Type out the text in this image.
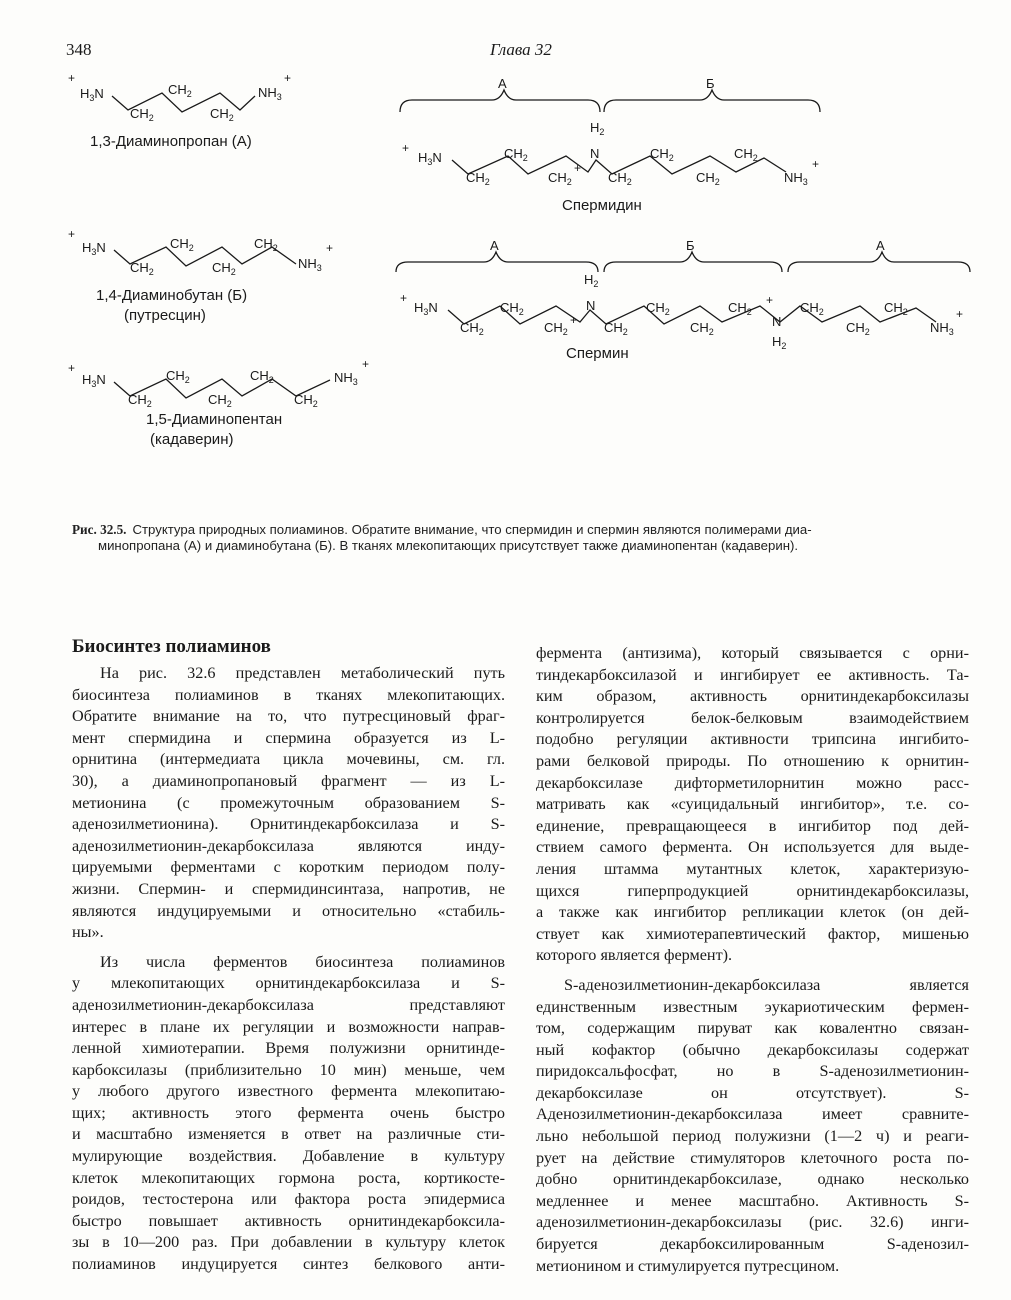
348	Глава 32
+
$H_3N$
$CH_2$
$CH_2$
$CH_2$
$NH_3$
+
1,3-Диаминопропан (А)
+
$H_3N$
$CH_2$
$CH_2$
$CH_2$
$CH_2$
$NH_3$
+
1,4-Диаминобутан (Б)
(путресцин)
+
$H_3N$
$CH_2$
$CH_2$
$CH_2$
$CH_2$
$CH_2$
$NH_3$
+
1,5-Диаминопентан
(кадаверин)
А	Б
+
$H_3N$
$CH_2$
$CH_2$
$CH_2$
+
$H_2$
N
$CH_2$
$CH_2$
$CH_2$
$CH_2$
$NH_3$
+
Спермидин
А	Б	А
+
$H_3N$
$CH_2$
$CH_2$
$CH_2$
+
$H_2$
N
$CH_2$
$CH_2$
$CH_2$
$CH_2$
+
N
$H_2$
$CH_2$
$CH_2$
$CH_2$
$NH_3$
+
Спермин
Рис. 32.5. Структура природных полиаминов. Обратите внимание, что спермидин и спермин являются полимерами диа-
минопропана (А) и диаминобутана (Б). В тканях млекопитающих присутствует также диаминопентан (кадаверин).
Биосинтез полиаминов
На рис. 32.6 представлен метаболический путь
биосинтеза полиаминов в тканях млекопитающих.
Обратите внимание на то, что путресциновый фраг-
мент спермидина и спермина образуется из L-
орнитина (интермедиата цикла мочевины, см. гл.
30), а диаминопропановый фрагмент — из L-
метионина (с промежуточным образованием S-
аденозилметионина). Орнитиндекарбоксилаза и S-
аденозилметионин-декарбоксилаза являются инду-
цируемыми ферментами с коротким периодом полу-
жизни. Спермин- и спермидинсинтаза, напротив, не
являются индуцируемыми и относительно «стабиль-
ны».
Из числа ферментов биосинтеза полиаминов
у млекопитающих орнитиндекарбоксилаза и S-
аденозилметионин-декарбоксилаза представляют
интерес в плане их регуляции и возможности направ-
ленной химиотерапии. Время полужизни орнитинде-
карбоксилазы (приблизительно 10 мин) меньше, чем
у любого другого известного фермента млекопитаю-
щих; активность этого фермента очень быстро
и масштабно изменяется в ответ на различные сти-
мулирующие воздействия. Добавление в культуру
клеток млекопитающих гормона роста, кортикосте-
роидов, тестостерона или фактора роста эпидермиса
быстро повышает активность орнитиндекарбоксила-
зы в 10—200 раз. При добавлении в культуру клеток
полиаминов индуцируется синтез белкового анти-
фермента (антизима), который связывается с орни-
тиндекарбоксилазой и ингибирует ее активность. Та-
ким образом, активность орнитиндекарбоксилазы
контролируется белок-белковым взаимодействием
подобно регуляции активности трипсина ингибито-
рами белковой природы. По отношению к орнитин-
декарбоксилазе дифторметилорнитин можно расс-
матривать как «суицидальный ингибитор», т.е. со-
единение, превращающееся в ингибитор под дей-
ствием самого фермента. Он используется для выде-
ления штамма мутантных клеток, характеризую-
щихся гиперпродукцией орнитиндекарбоксилазы,
а также как ингибитор репликации клеток (он дей-
ствует как химиотерапевтический фактор, мишенью
которого является фермент).
S-аденозилметионин-декарбоксилаза является
единственным известным эукариотическим фермен-
том, содержащим пируват как ковалентно связан-
ный кофактор (обычно декарбоксилазы содержат
пиридоксальфосфат, но в S-аденозилметионин-
декарбоксилазе он отсутствует). S-
Аденозилметионин-декарбоксилаза имеет сравните-
льно небольшой период полужизни (1—2 ч) и реаги-
рует на действие стимуляторов клеточного роста по-
добно орнитиндекарбоксилазе, однако несколько
медленнее и менее масштабно. Активность S-
аденозилметионин-декарбоксилазы (рис. 32.6) инги-
бируется декарбоксилированным S-аденозил-
метионином и стимулируется путресцином.
